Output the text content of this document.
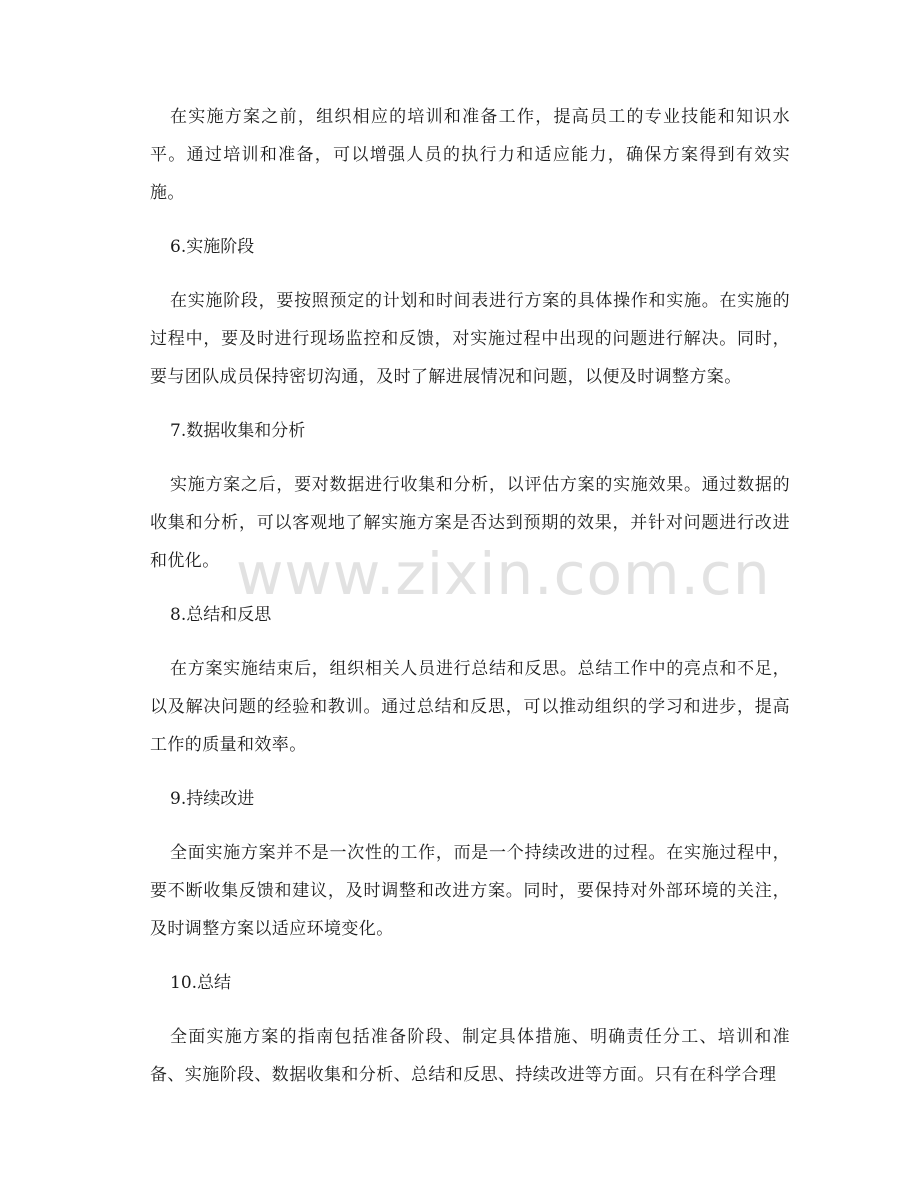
在实施方案之前，组织相应的培训和准备工作，提高员工的专业技能和知识水平。通过培训和准备，可以增强人员的执行力和适应能力，确保方案得到有效实施。

6.实施阶段

在实施阶段，要按照预定的计划和时间表进行方案的具体操作和实施。在实施的过程中，要及时进行现场监控和反馈，对实施过程中出现的问题进行解决。同时，要与团队成员保持密切沟通，及时了解进展情况和问题，以便及时调整方案。

7.数据收集和分析

实施方案之后，要对数据进行收集和分析，以评估方案的实施效果。通过数据的收集和分析，可以客观地了解实施方案是否达到预期的效果，并针对问题进行改进和优化。

8.总结和反思

在方案实施结束后，组织相关人员进行总结和反思。总结工作中的亮点和不足，以及解决问题的经验和教训。通过总结和反思，可以推动组织的学习和进步，提高工作的质量和效率。

9.持续改进

全面实施方案并不是一次性的工作，而是一个持续改进的过程。在实施过程中，要不断收集反馈和建议，及时调整和改进方案。同时，要保持对外部环境的关注，及时调整方案以适应环境变化。

10.总结

全面实施方案的指南包括准备阶段、制定具体措施、明确责任分工、培训和准备、实施阶段、数据收集和分析、总结和反思、持续改进等方面。只有在科学合理

www.zixin.com.cn
